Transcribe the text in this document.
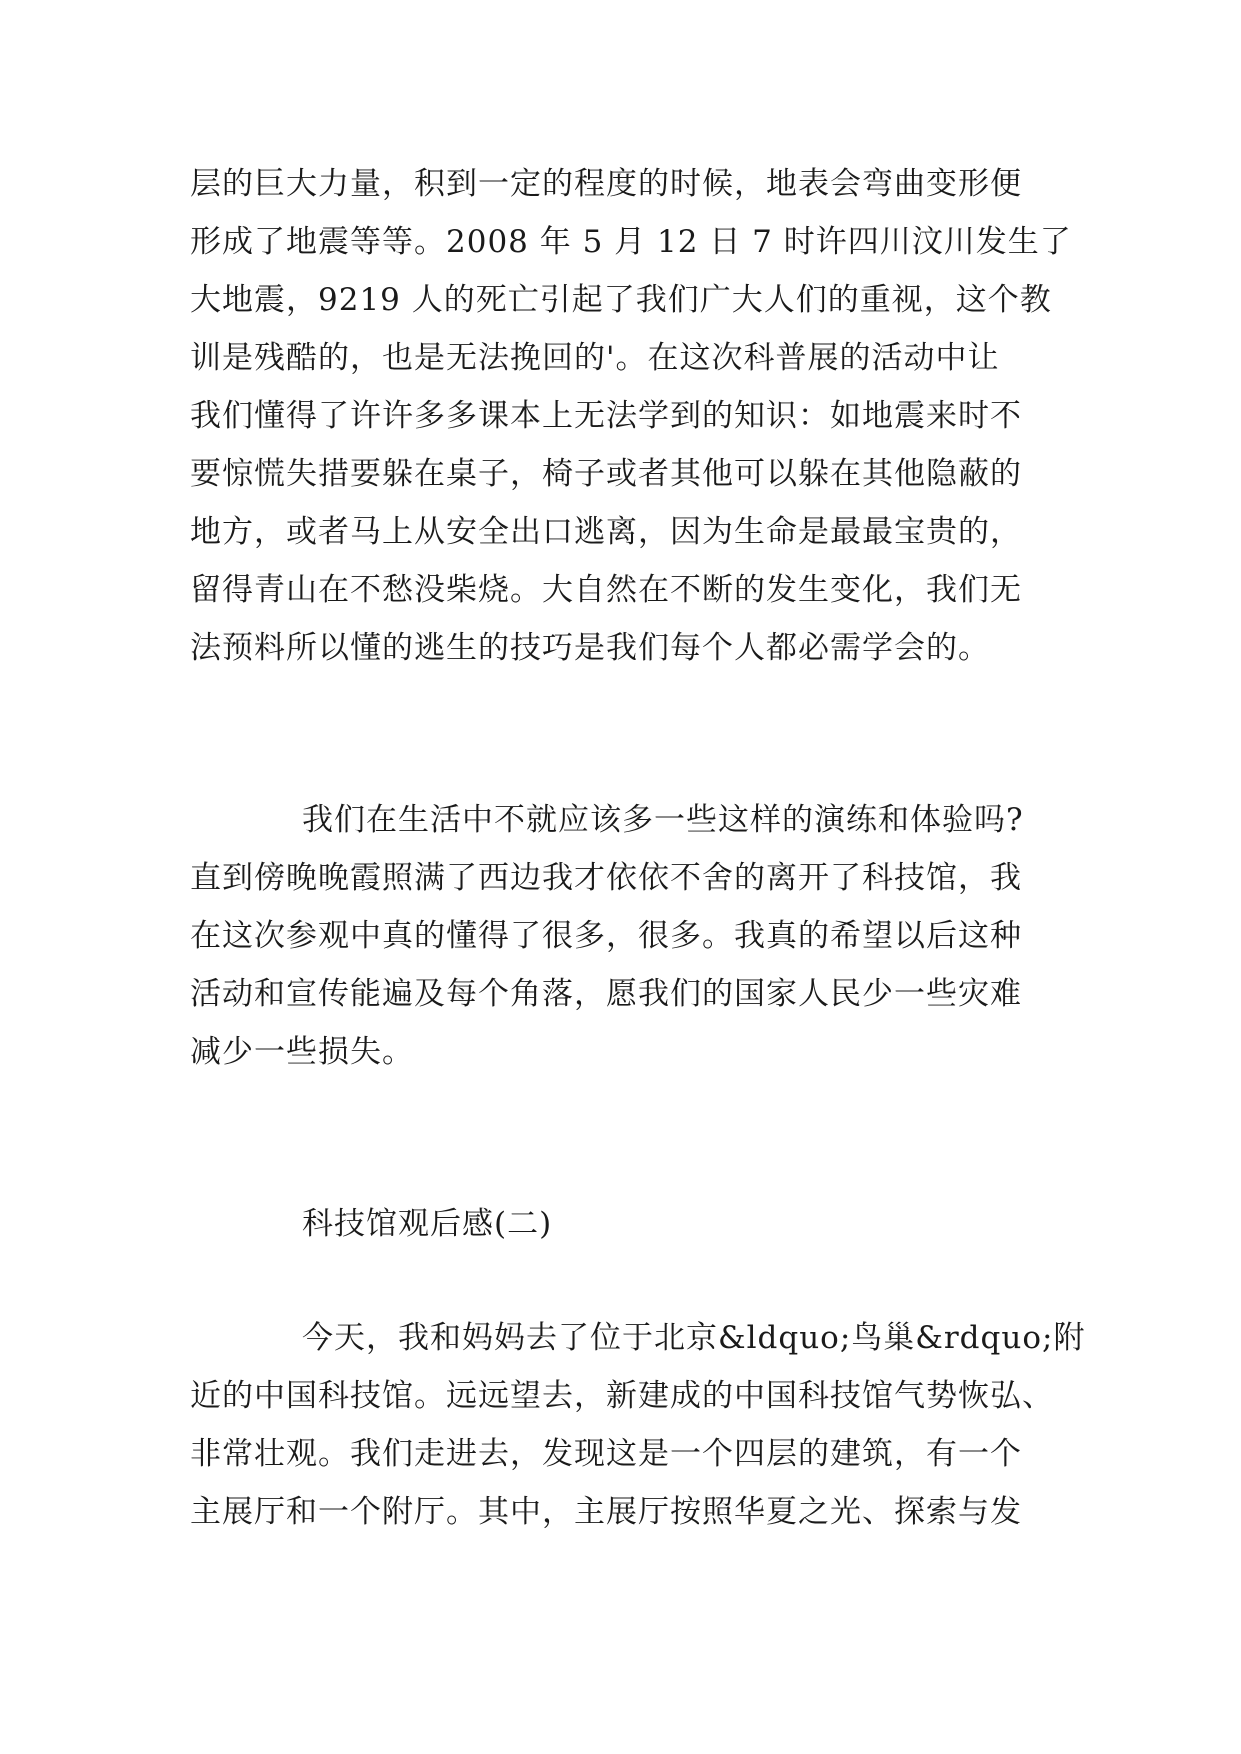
层的巨大力量，积到一定的程度的时候，地表会弯曲变形便

形成了地震等等。2008 年 5 月 12 日 7 时许四川汶川发生了

大地震，9219 人的死亡引起了我们广大人们的重视，这个教

训是残酷的，也是无法挽回的'。在这次科普展的活动中让

我们懂得了许许多多课本上无法学到的知识：如地震来时不

要惊慌失措要躲在桌子，椅子或者其他可以躲在其他隐蔽的

地方，或者马上从安全出口逃离，因为生命是最最宝贵的，

留得青山在不愁没柴烧。大自然在不断的发生变化，我们无

法预料所以懂的逃生的技巧是我们每个人都必需学会的。

我们在生活中不就应该多一些这样的演练和体验吗?

直到傍晚晚霞照满了西边我才依依不舍的离开了科技馆，我

在这次参观中真的懂得了很多，很多。我真的希望以后这种

活动和宣传能遍及每个角落，愿我们的国家人民少一些灾难

减少一些损失。

科技馆观后感(二)

今天，我和妈妈去了位于北京&ldquo;鸟巢&rdquo;附

近的中国科技馆。远远望去，新建成的中国科技馆气势恢弘、

非常壮观。我们走进去，发现这是一个四层的建筑，有一个

主展厅和一个附厅。其中，主展厅按照华夏之光、探索与发
